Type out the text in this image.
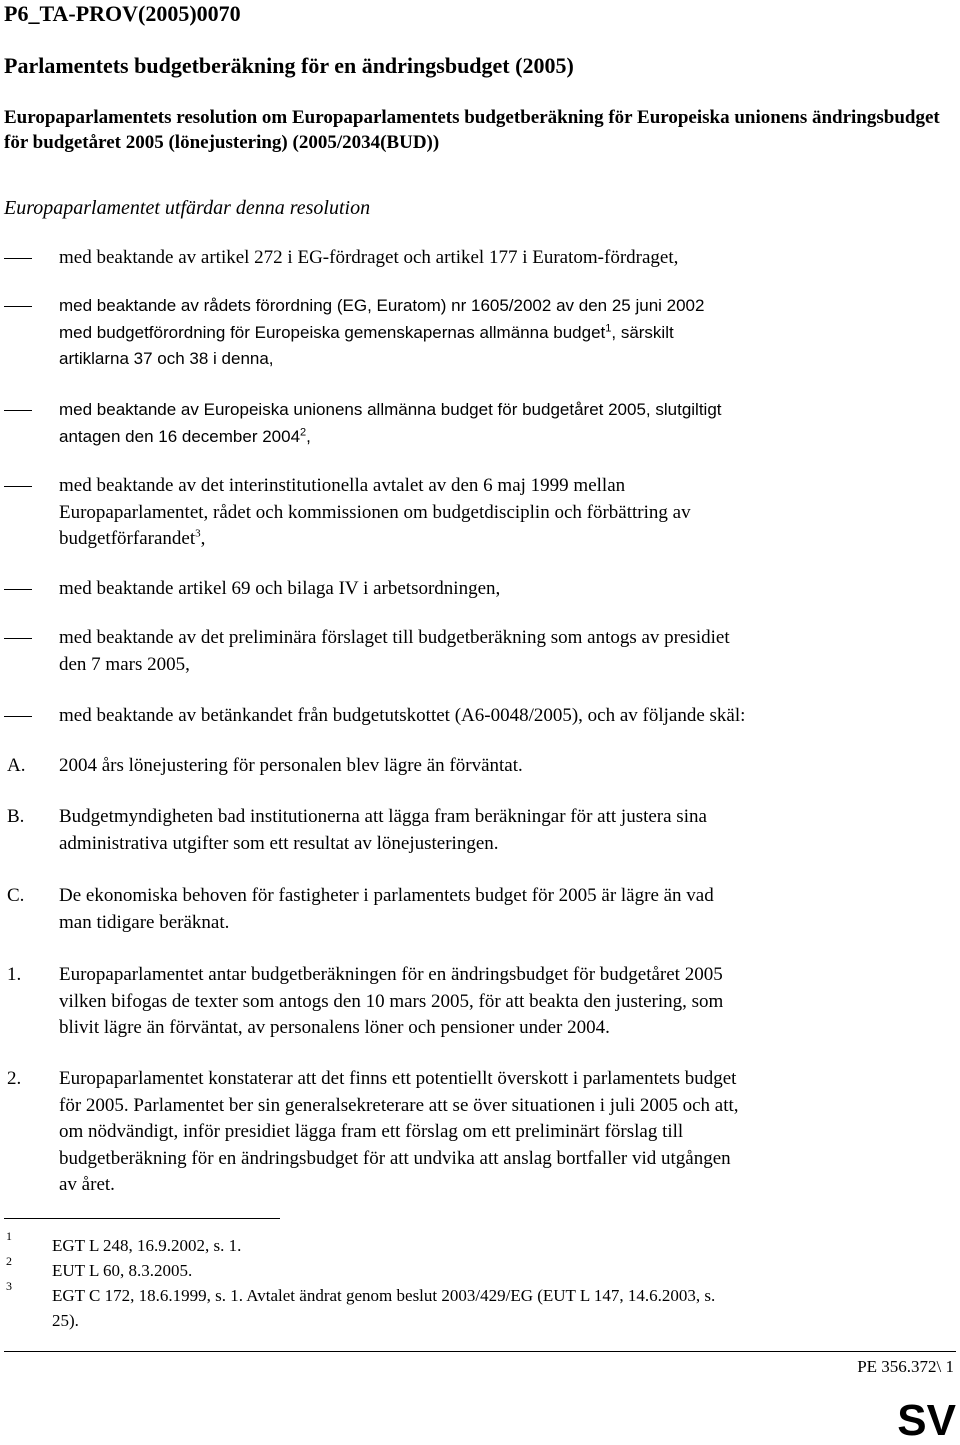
P6_TA-PROV(2005)0070
Parlamentets budgetberäkning för en ändringsbudget (2005)
Europaparlamentets resolution om Europaparlamentets budgetberäkning för Europeiska unionens ändringsbudget för budgetåret 2005 (lönejustering) (2005/2034(BUD))
Europaparlamentet utfärdar denna resolution
med beaktande av artikel 272 i EG-fördraget och artikel 177 i Euratom-fördraget,
med beaktande av rådets förordning (EG, Euratom) nr 1605/2002 av den 25 juni 2002
med budgetförordning för Europeiska gemenskapernas allmänna budget$^1$, särskilt
artiklarna 37 och 38 i denna,
med beaktande av Europeiska unionens allmänna budget för budgetåret 2005, slutgiltigt
antagen den 16 december 2004$^2$,
med beaktande av det interinstitutionella avtalet av den 6 maj 1999 mellan
Europaparlamentet, rådet och kommissionen om budgetdisciplin och förbättring av
budgetförfarandet$^3$,
med beaktande artikel 69 och bilaga IV i arbetsordningen,
med beaktande av det preliminära förslaget till budgetberäkning som antogs av presidiet
den 7 mars 2005,
med beaktande av betänkandet från budgetutskottet (A6-0048/2005), och av följande skäl:
A. 2004 års lönejustering för personalen blev lägre än förväntat.
B. Budgetmyndigheten bad institutionerna att lägga fram beräkningar för att justera sina
administrativa utgifter som ett resultat av lönejusteringen.
C. De ekonomiska behoven för fastigheter i parlamentets budget för 2005 är lägre än vad
man tidigare beräknat.
1. Europaparlamentet antar budgetberäkningen för en ändringsbudget för budgetåret 2005
vilken bifogas de texter som antogs den 10 mars 2005, för att beakta den justering, som
blivit lägre än förväntat, av personalens löner och pensioner under 2004.
2. Europaparlamentet konstaterar att det finns ett potentiellt överskott i parlamentets budget
för 2005. Parlamentet ber sin generalsekreterare att se över situationen i juli 2005 och att,
om nödvändigt, inför presidiet lägga fram ett förslag om ett preliminärt förslag till
budgetberäkning för en ändringsbudget för att undvika att anslag bortfaller vid utgången
av året.
1 EGT L 248, 16.9.2002, s. 1.
2 EUT L 60, 8.3.2005.
3 EGT C 172, 18.6.1999, s. 1. Avtalet ändrat genom beslut 2003/429/EG (EUT L 147, 14.6.2003, s.
25).
PE 356.372\ 1
SV
